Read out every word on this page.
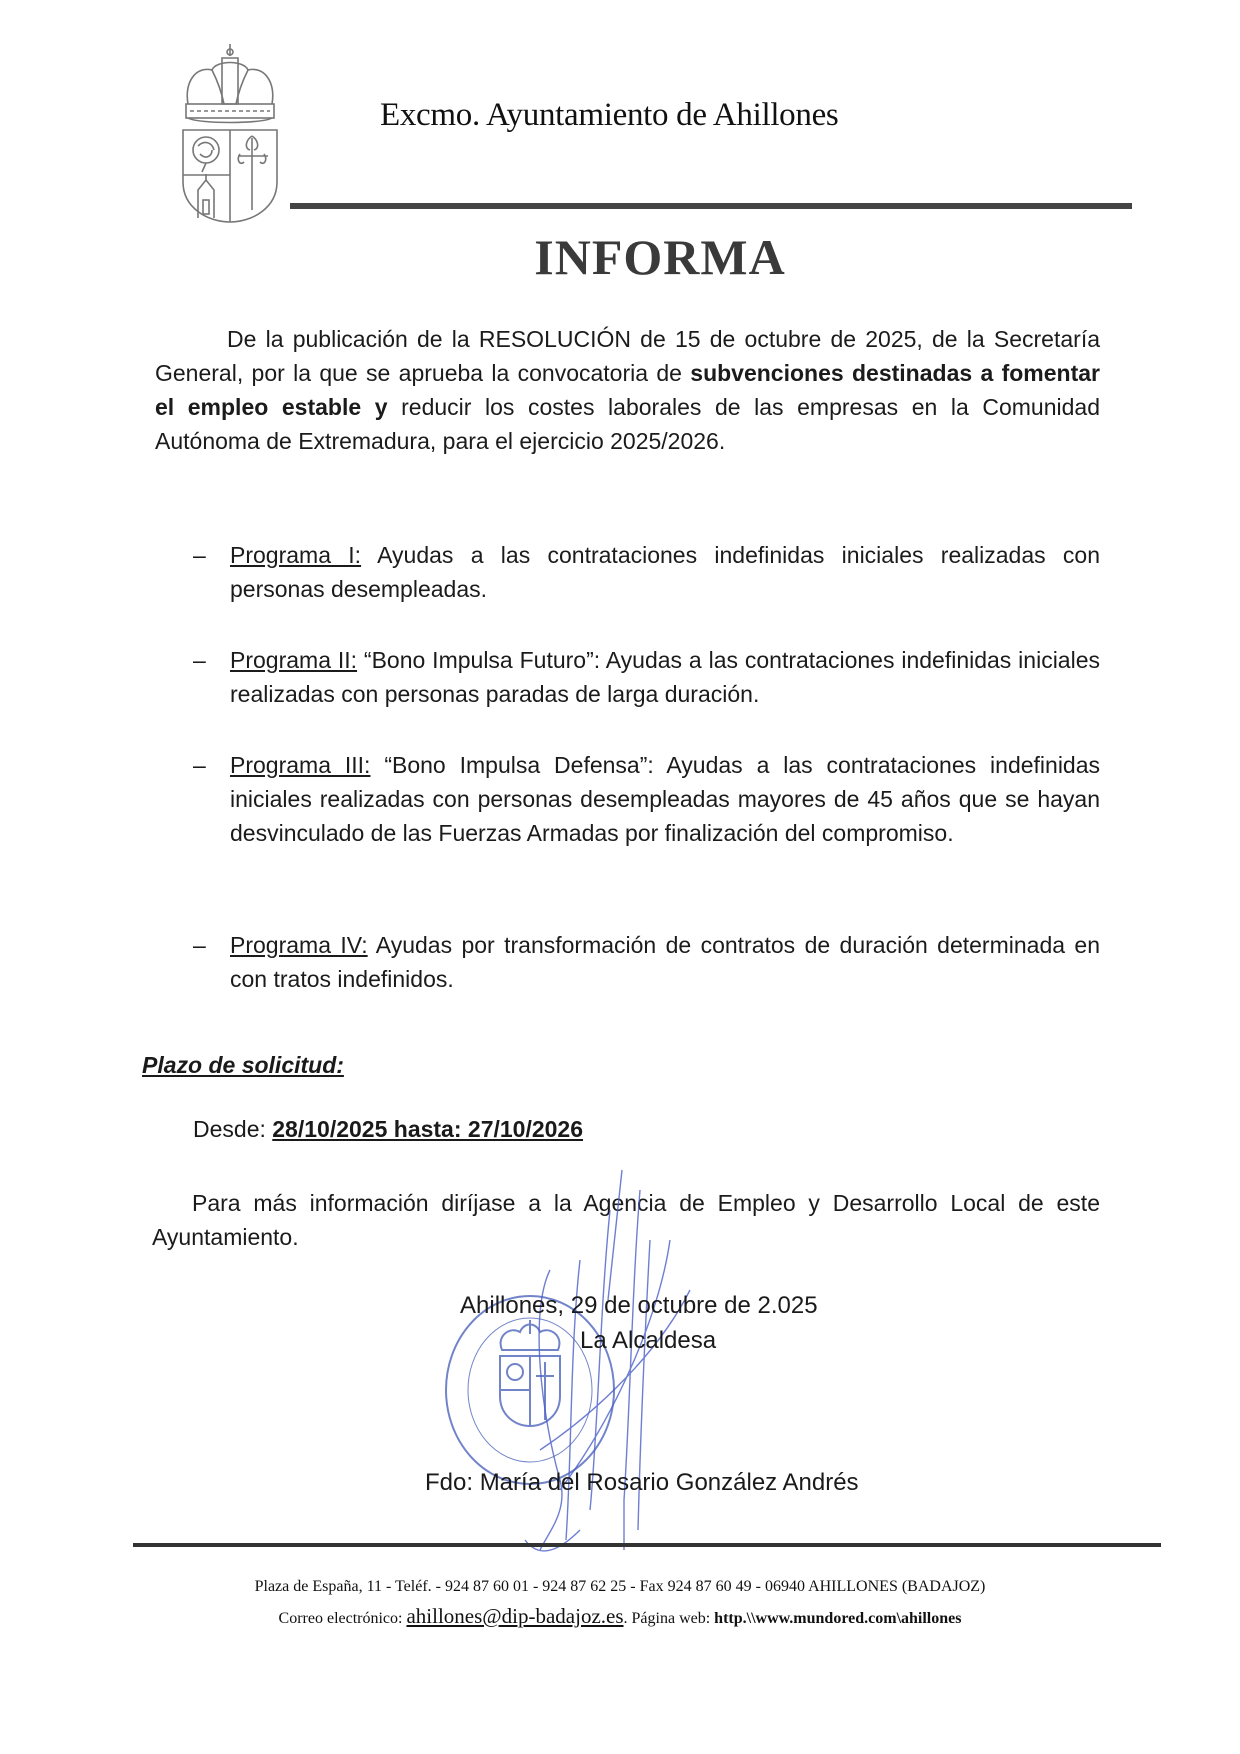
Excmo. Ayuntamiento de Ahillones
INFORMA
De la publicación de la RESOLUCIÓN de 15 de octubre de 2025, de la Secretaría General, por la que se aprueba la convocatoria de subvenciones destinadas a fomentar el empleo estable y reducir los costes laborales de las empresas en la Comunidad Autónoma de Extremadura, para el ejercicio 2025/2026.
– Programa I: Ayudas a las contrataciones indefinidas iniciales realizadas con personas desempleadas.
– Programa II: “Bono Impulsa Futuro”: Ayudas a las contrataciones indefinidas iniciales realizadas con personas paradas de larga duración.
– Programa III: “Bono Impulsa Defensa”: Ayudas a las contrataciones indefinidas iniciales realizadas con personas desempleadas mayores de 45 años que se hayan desvinculado de las Fuerzas Armadas por finalización del compromiso.
– Programa IV: Ayudas por transformación de contratos de duración determinada en con tratos indefinidos.
Plazo de solicitud:
Desde: 28/10/2025 hasta: 27/10/2026
Para más información diríjase a la Agencia de Empleo y Desarrollo Local de este Ayuntamiento.
Ahillones, 29 de octubre de 2.025
La Alcaldesa
Fdo: María del Rosario González Andrés
Plaza de España, 11 - Teléf. - 924 87 60 01 - 924 87 62 25 - Fax 924 87 60 49 - 06940 AHILLONES (BADAJOZ)
Correo electrónico: ahillones@dip-badajoz.es. Página web: http.\\www.mundored.com\ahillones
